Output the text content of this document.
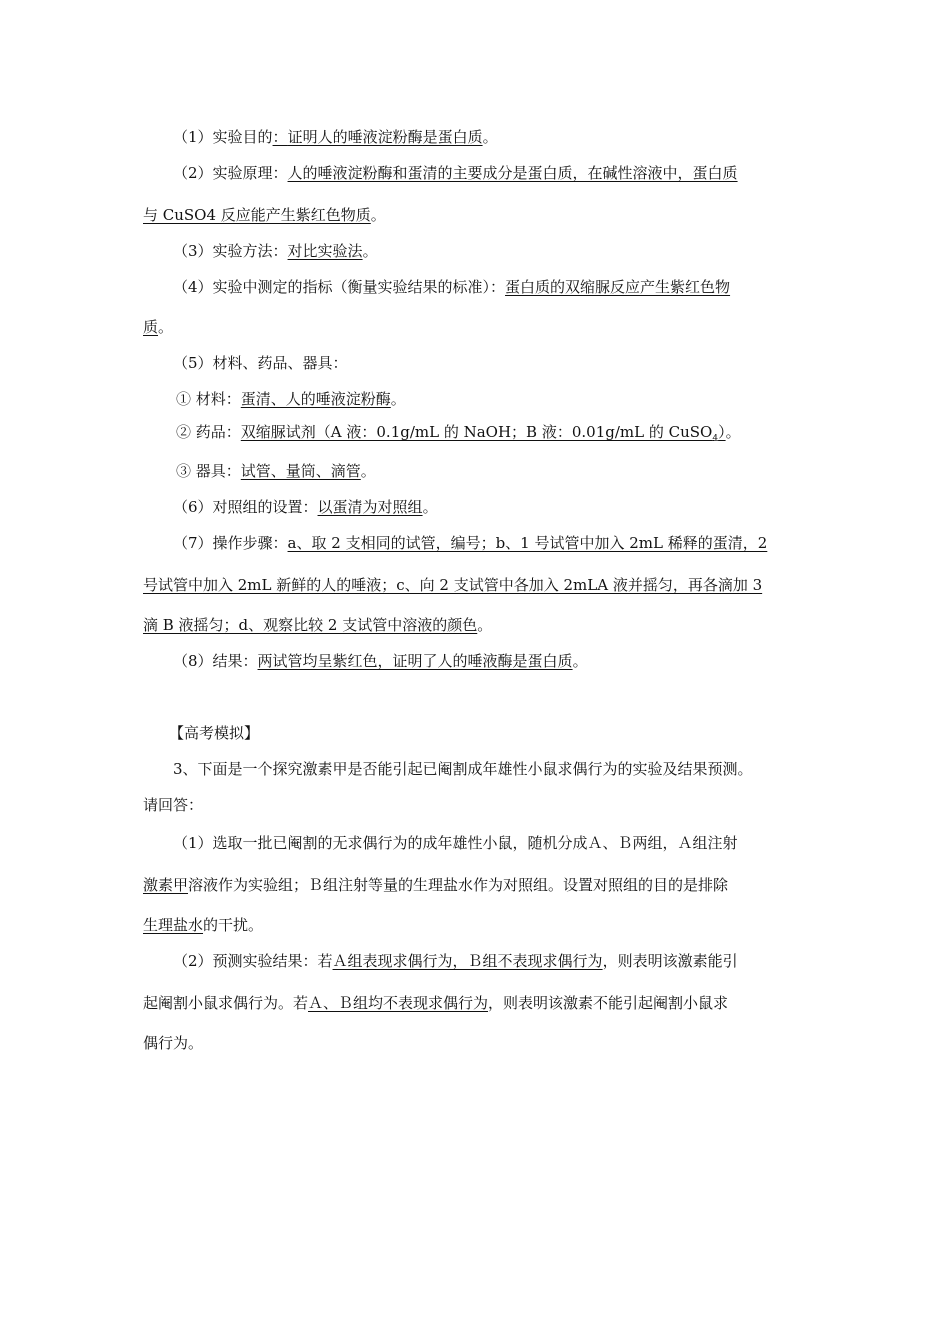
（1）实验目的：证明人的唾液淀粉酶是蛋白质。
（2）实验原理：人的唾液淀粉酶和蛋清的主要成分是蛋白质，在碱性溶液中，蛋白质
与 CuSO4 反应能产生紫红色物质。
（3）实验方法：对比实验法。
（4）实验中测定的指标（衡量实验结果的标准）：蛋白质的双缩脲反应产生紫红色物
质。
（5）材料、药品、器具：
① 材料：蛋清、人的唾液淀粉酶。
② 药品：双缩脲试剂（A 液：0.1g/mL 的 NaOH；B 液：0.01g/mL 的 CuSO$_4$）。
③ 器具：试管、量筒、滴管。
（6）对照组的设置：以蛋清为对照组。
（7）操作步骤：a、取 2 支相同的试管，编号；b、1 号试管中加入 2mL 稀释的蛋清，2
号试管中加入 2mL 新鲜的人的唾液；c、向 2 支试管中各加入 2mLA 液并摇匀，再各滴加 3
滴 B 液摇匀；d、观察比较 2 支试管中溶液的颜色。
（8）结果：两试管均呈紫红色，证明了人的唾液酶是蛋白质。
【高考模拟】
3、下面是一个探究激素甲是否能引起已阉割成年雄性小鼠求偶行为的实验及结果预测。
请回答：
（1）选取一批已阉割的无求偶行为的成年雄性小鼠，随机分成Ａ、Ｂ两组，Ａ组注射
激素甲溶液作为实验组；Ｂ组注射等量的生理盐水作为对照组。设置对照组的目的是排除
生理盐水的干扰。
（2）预测实验结果：若Ａ组表现求偶行为，Ｂ组不表现求偶行为，则表明该激素能引
起阉割小鼠求偶行为。若Ａ、Ｂ组均不表现求偶行为，则表明该激素不能引起阉割小鼠求
偶行为。
